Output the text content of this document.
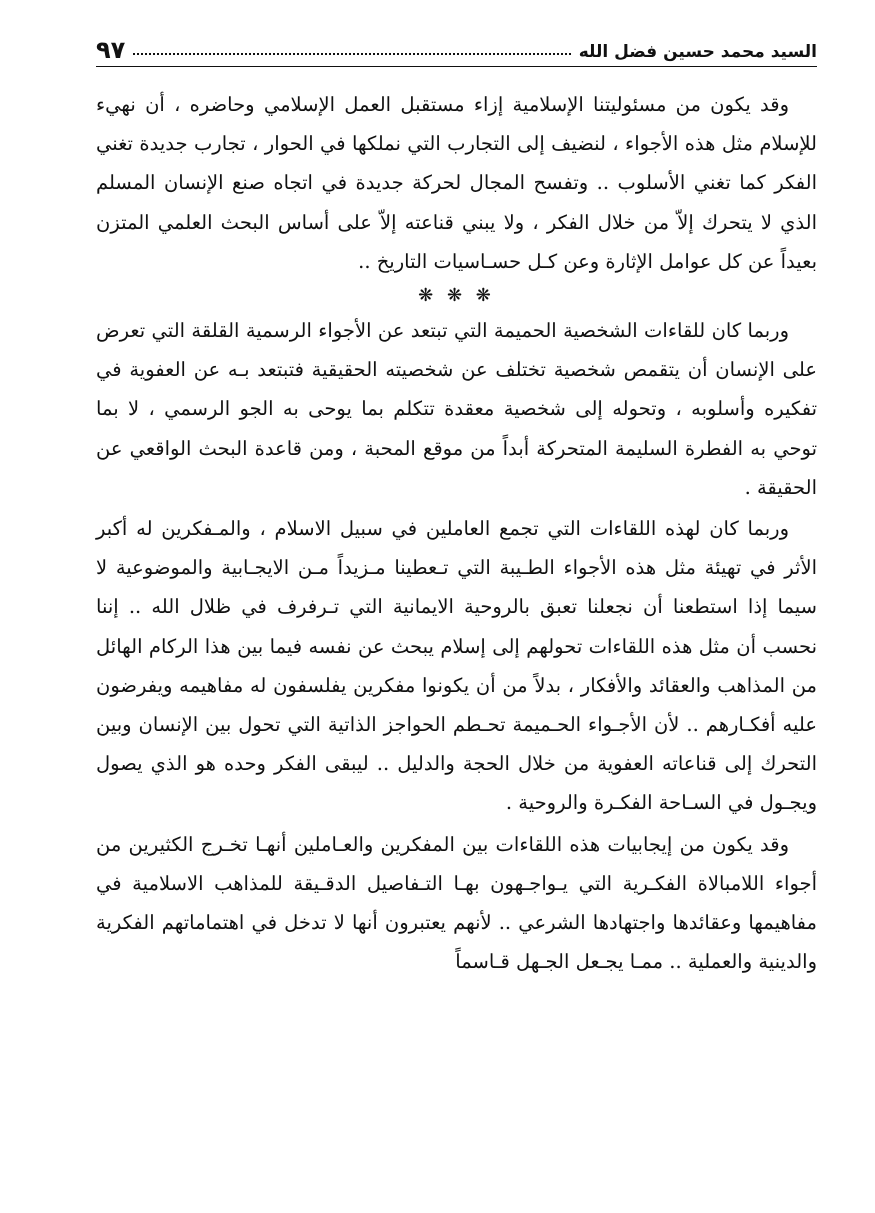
السيد محمد حسين فضل الله
٩٧

وقد يكون من مسئوليتنا الإسلامية إزاء مستقبل العمل الإسلامي وحاضره ، أن نهيء للإسلام مثل هذه الأجواء ، لنضيف إلى التجارب التي نملكها في الحوار ، تجارب جديدة تغني الفكر كما تغني الأسلوب .. وتفسح المجال لحركة جديدة في اتجاه صنع الإنسان المسلم الذي لا يتحرك إلاّ من خلال الفكر ، ولا يبني قناعته إلاّ على أساس البحث العلمي المتزن بعيداً عن كل عوامل الإثارة وعن كـل حسـاسيات التاريخ ..

❋ ❋ ❋

وربما كان للقاءات الشخصية الحميمة التي تبتعد عن الأجواء الرسمية القلقة التي تعرض على الإنسان أن يتقمص شخصية تختلف عن شخصيته الحقيقية فتبتعد بـه عن العفوية في تفكيره وأسلوبه ، وتحوله إلى شخصية معقدة تتكلم بما يوحى به الجو الرسمي ، لا بما توحي به الفطرة السليمة المتحركة أبداً من موقع المحبة ، ومن قاعدة البحث الواقعي عن الحقيقة .

وربما كان لهذه اللقاءات التي تجمع العاملين في سبيل الاسلام ، والمـفكرين له أكبر الأثر في تهيئة مثل هذه الأجواء الطـيبة التي تـعطينا مـزيداً مـن الايجـابية والموضوعية لا سيما إذا استطعنا أن نجعلنا تعبق بالروحية الايمانية التي تـرفرف في ظلال الله .. إننا نحسب أن مثل هذه اللقاءات تحولهم إلى إسلام يبحث عن نفسه فيما بين هذا الركام الهائل من المذاهب والعقائد والأفكار ، بدلاً من أن يكونوا مفكرين يفلسفون له مفاهيمه ويفرضون عليه أفكـارهم .. لأن الأجـواء الحـميمة تحـطم الحواجز الذاتية التي تحول بين الإنسان وبين التحرك إلى قناعاته العفوية من خلال الحجة والدليل .. ليبقى الفكر وحده هو الذي يصول ويجـول في السـاحة الفكـرة والروحية .

وقد يكون من إيجابيات هذه اللقاءات بين المفكرين والعـاملين أنهـا تخـرج الكثيرين من أجواء اللامبالاة الفكـرية التي يـواجـهون بهـا التـفاصيل الدقـيقة للمذاهب الاسلامية في مفاهيمها وعقائدها واجتهادها الشرعي .. لأنهم يعتبرون أنها لا تدخل في اهتماماتهم الفكرية والدينية والعملية .. ممـا يجـعل الجـهل قـاسماً
